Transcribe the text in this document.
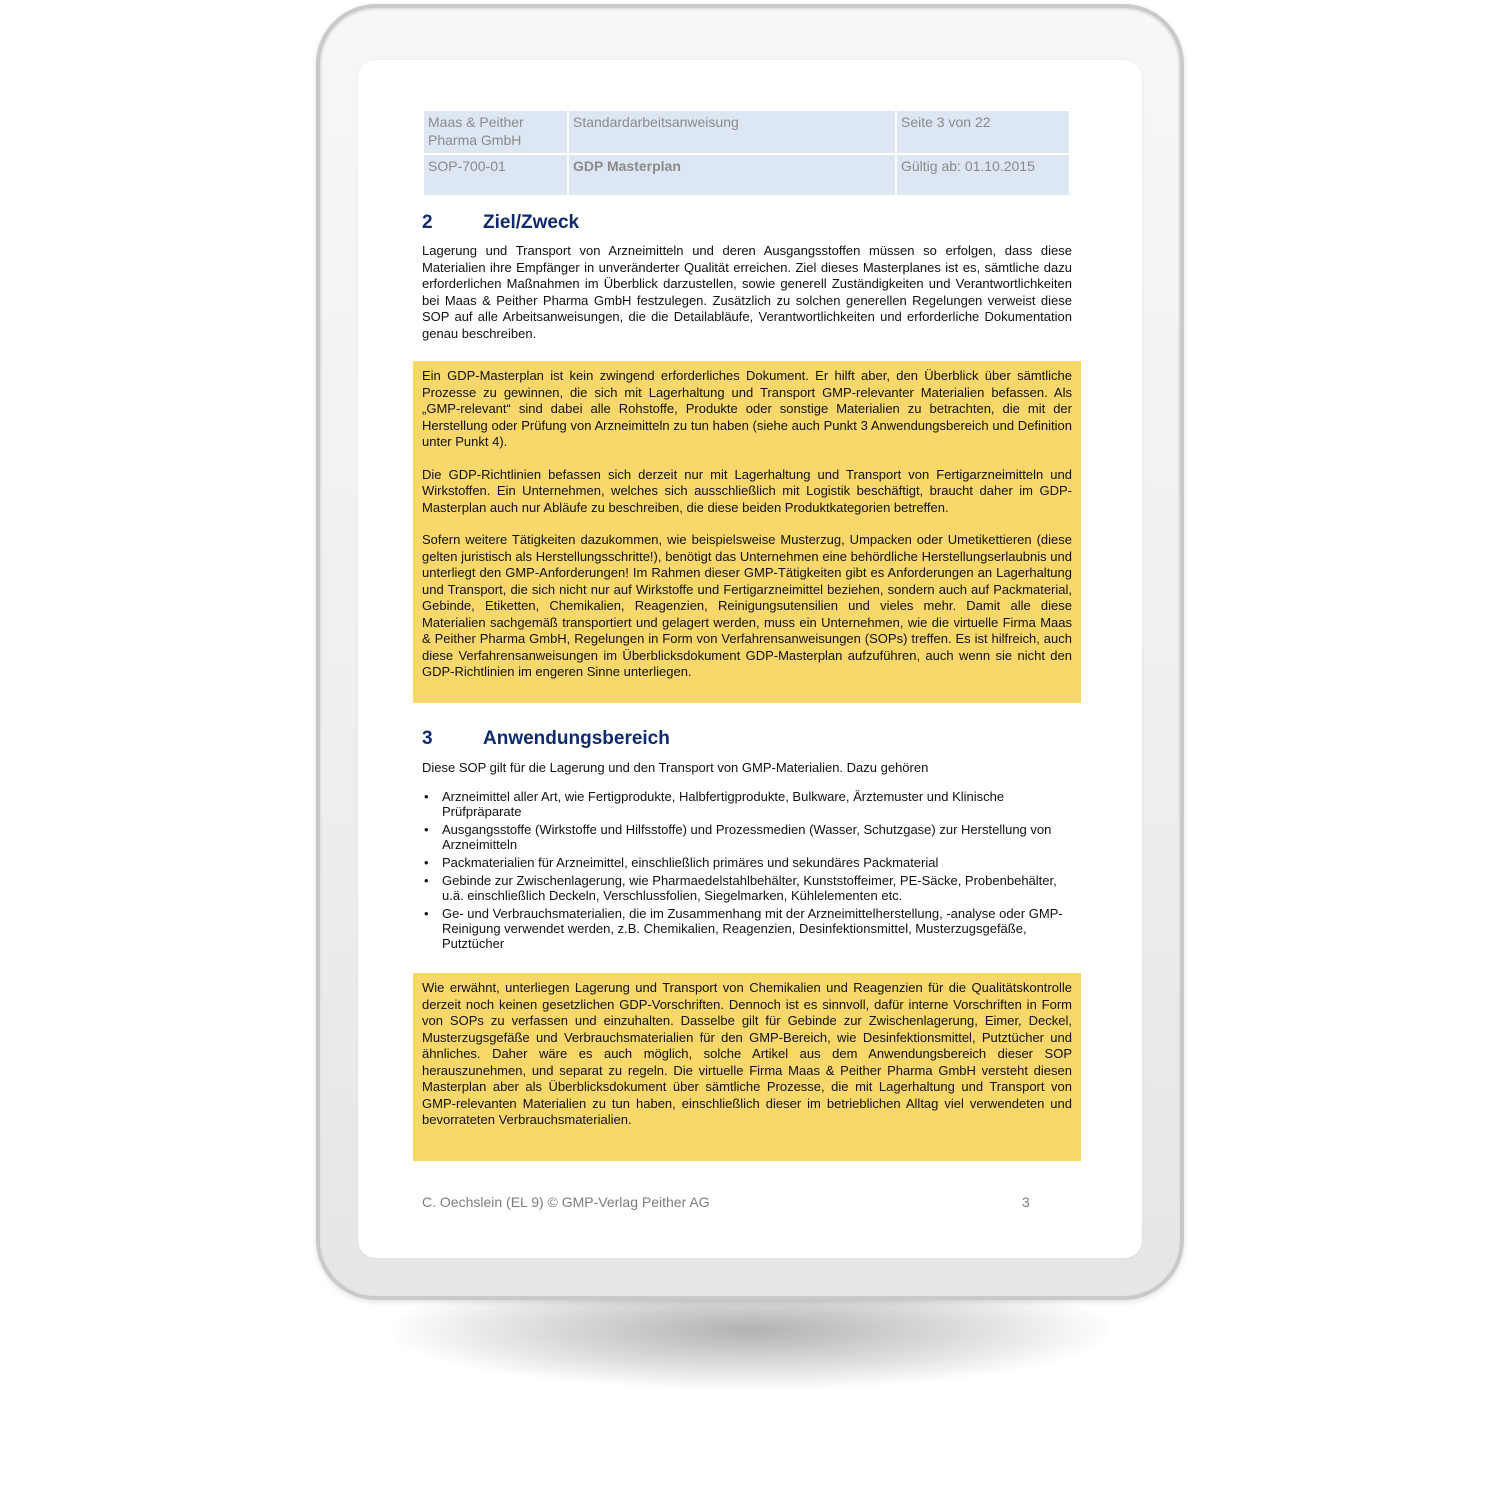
Maas & Peither Pharma GmbH	Standardarbeitsanweisung	Seite 3 von 22
SOP-700-01	GDP Masterplan	Gültig ab: 01.10.2015
2	Ziel/Zweck

Lagerung und Transport von Arzneimitteln und deren Ausgangsstoffen müssen so erfolgen, dass diese Materialien ihre Empfänger in unveränderter Qualität erreichen. Ziel dieses Masterplanes ist es, sämtliche dazu erforderlichen Maßnahmen im Überblick darzustellen, sowie generell Zuständigkeiten und Verantwortlichkeiten bei Maas & Peither Pharma GmbH festzulegen. Zusätzlich zu solchen generellen Regelungen verweist diese SOP auf alle Arbeitsanweisungen, die die Detailabläufe, Verantwortlichkeiten und erforderliche Dokumentation genau beschreiben.

Ein GDP-Masterplan ist kein zwingend erforderliches Dokument. Er hilft aber, den Überblick über sämtliche Prozesse zu gewinnen, die sich mit Lagerhaltung und Transport GMP-relevanter Materialien befassen. Als „GMP-relevant“ sind dabei alle Rohstoffe, Produkte oder sonstige Materialien zu betrachten, die mit der Herstellung oder Prüfung von Arzneimitteln zu tun haben (siehe auch Punkt 3 Anwendungsbereich und Definition unter Punkt 4).

Die GDP-Richtlinien befassen sich derzeit nur mit Lagerhaltung und Transport von Fertigarzneimitteln und Wirkstoffen. Ein Unternehmen, welches sich ausschließlich mit Logistik beschäftigt, braucht daher im GDP-Masterplan auch nur Abläufe zu beschreiben, die diese beiden Produktkategorien betreffen.

Sofern weitere Tätigkeiten dazukommen, wie beispielsweise Musterzug, Umpacken oder Umetikettieren (diese gelten juristisch als Herstellungsschritte!), benötigt das Unternehmen eine behördliche Herstellungserlaubnis und unterliegt den GMP-Anforderungen! Im Rahmen dieser GMP-Tätigkeiten gibt es Anforderungen an Lagerhaltung und Transport, die sich nicht nur auf Wirkstoffe und Fertigarzneimittel beziehen, sondern auch auf Packmaterial, Gebinde, Etiketten, Chemikalien, Reagenzien, Reinigungsutensilien und vieles mehr. Damit alle diese Materialien sachgemäß transportiert und gelagert werden, muss ein Unternehmen, wie die virtuelle Firma Maas & Peither Pharma GmbH, Regelungen in Form von Verfahrensanweisungen (SOPs) treffen. Es ist hilfreich, auch diese Verfahrensanweisungen im Überblicksdokument GDP-Masterplan aufzuführen, auch wenn sie nicht den GDP-Richtlinien im engeren Sinne unterliegen.

3	Anwendungsbereich

Diese SOP gilt für die Lagerung und den Transport von GMP-Materialien. Dazu gehören

• Arzneimittel aller Art, wie Fertigprodukte, Halbfertigprodukte, Bulkware, Ärztemuster und Klinische Prüfpräparate
• Ausgangsstoffe (Wirkstoffe und Hilfsstoffe) und Prozessmedien (Wasser, Schutzgase) zur Herstellung von Arzneimitteln
• Packmaterialien für Arzneimittel, einschließlich primäres und sekundäres Packmaterial
• Gebinde zur Zwischenlagerung, wie Pharmaedelstahlbehälter, Kunststoffeimer, PE-Säcke, Probenbehälter, u.ä. einschließlich Deckeln, Verschlussfolien, Siegelmarken, Kühlelementen etc.
• Ge- und Verbrauchsmaterialien, die im Zusammenhang mit der Arzneimittelherstellung, -analyse oder GMP-Reinigung verwendet werden, z.B. Chemikalien, Reagenzien, Desinfektionsmittel, Musterzugsgefäße, Putztücher

Wie erwähnt, unterliegen Lagerung und Transport von Chemikalien und Reagenzien für die Qualitätskontrolle derzeit noch keinen gesetzlichen GDP-Vorschriften. Dennoch ist es sinnvoll, dafür interne Vorschriften in Form von SOPs zu verfassen und einzuhalten. Dasselbe gilt für Gebinde zur Zwischenlagerung, Eimer, Deckel, Musterzugsgefäße und Verbrauchsmaterialien für den GMP-Bereich, wie Desinfektionsmittel, Putztücher und ähnliches. Daher wäre es auch möglich, solche Artikel aus dem Anwendungsbereich dieser SOP herauszunehmen, und separat zu regeln. Die virtuelle Firma Maas & Peither Pharma GmbH versteht diesen Masterplan aber als Überblicksdokument über sämtliche Prozesse, die mit Lagerhaltung und Transport von GMP-relevanten Materialien zu tun haben, einschließlich dieser im betrieblichen Alltag viel verwendeten und bevorrateten Verbrauchsmaterialien.

C. Oechslein (EL 9) © GMP-Verlag Peither AG	3
